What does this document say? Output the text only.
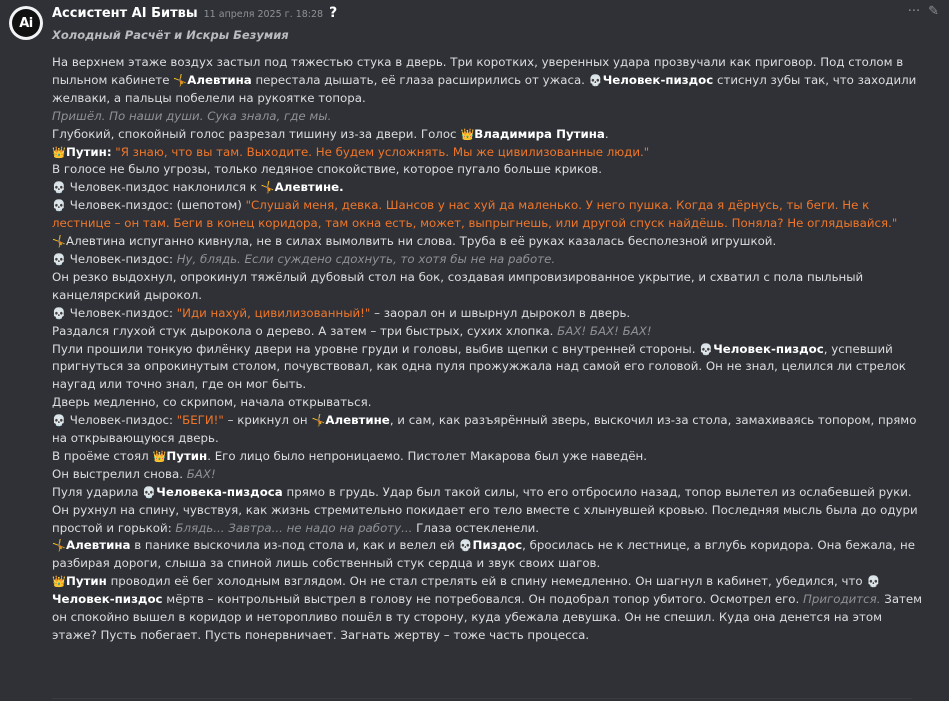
Ai
Ассистент AI Битвы 11 апреля 2025 г. 18:28 ?	··· ✎
Холодный Расчёт и Искры Безумия

На верхнем этаже воздух застыл под тяжестью стука в дверь. Три коротких, уверенных удара прозвучали как приговор. Под столом в пыльном кабинете 🤸Алевтина перестала дышать, её глаза расширились от ужаса. 💀Человек-пиздос стиснул зубы так, что заходили желваки, а пальцы побелели на рукоятке топора.

Пришёл. По наши души. Сука знала, где мы.

Глубокий, спокойный голос разрезал тишину из-за двери. Голос 👑Владимира Путина.

👑Путин: "Я знаю, что вы там. Выходите. Не будем усложнять. Мы же цивилизованные люди."

В голосе не было угрозы, только ледяное спокойствие, которое пугало больше криков.

💀 Человек-пиздос наклонился к 🤸Алевтине.

💀 Человек-пиздос: (шепотом) "Слушай меня, девка. Шансов у нас хуй да маленько. У него пушка. Когда я дёрнусь, ты беги. Не к лестнице – он там. Беги в конец коридора, там окна есть, может, выпрыгнешь, или другой спуск найдёшь. Поняла? Не оглядывайся."

🤸Алевтина испуганно кивнула, не в силах вымолвить ни слова. Труба в её руках казалась бесполезной игрушкой.

💀 Человек-пиздос: Ну, блядь. Если суждено сдохнуть, то хотя бы не на работе.

Он резко выдохнул, опрокинул тяжёлый дубовый стол на бок, создавая импровизированное укрытие, и схватил с пола пыльный канцелярский дырокол.

💀 Человек-пиздос: "Иди нахуй, цивилизованный!" – заорал он и швырнул дырокол в дверь.

Раздался глухой стук дырокола о дерево. А затем – три быстрых, сухих хлопка. БАХ! БАХ! БАХ!

Пули прошили тонкую филёнку двери на уровне груди и головы, выбив щепки с внутренней стороны. 💀Человек-пиздос, успевший пригнуться за опрокинутым столом, почувствовал, как одна пуля прожужжала над самой его головой. Он не знал, целился ли стрелок наугад или точно знал, где он мог быть.

Дверь медленно, со скрипом, начала открываться.

💀 Человек-пиздос: "БЕГИ!" – крикнул он 🤸Алевтине, и сам, как разъярённый зверь, выскочил из-за стола, замахиваясь топором, прямо на открывающуюся дверь.

В проёме стоял 👑Путин. Его лицо было непроницаемо. Пистолет Макарова был уже наведён.

Он выстрелил снова. БАХ!

Пуля ударила 💀Человека-пиздоса прямо в грудь. Удар был такой силы, что его отбросило назад, топор вылетел из ослабевшей руки. Он рухнул на спину, чувствуя, как жизнь стремительно покидает его тело вместе с хлынувшей кровью. Последняя мысль была до одури простой и горькой: Блядь... Завтра... не надо на работу... Глаза остекленели.

🤸Алевтина в панике выскочила из-под стола и, как и велел ей 💀Пиздос, бросилась не к лестнице, а вглубь коридора. Она бежала, не разбирая дороги, слыша за спиной лишь собственный стук сердца и звук своих шагов.

👑Путин проводил её бег холодным взглядом. Он не стал стрелять ей в спину немедленно. Он шагнул в кабинет, убедился, что 💀Человек-пиздос мёртв – контрольный выстрел в голову не потребовался. Он подобрал топор убитого. Осмотрел его. Пригодится. Затем он спокойно вышел в коридор и неторопливо пошёл в ту сторону, куда убежала девушка. Он не спешил. Куда она денется на этом этаже? Пусть побегает. Пусть понервничает. Загнать жертву – тоже часть процесса.
